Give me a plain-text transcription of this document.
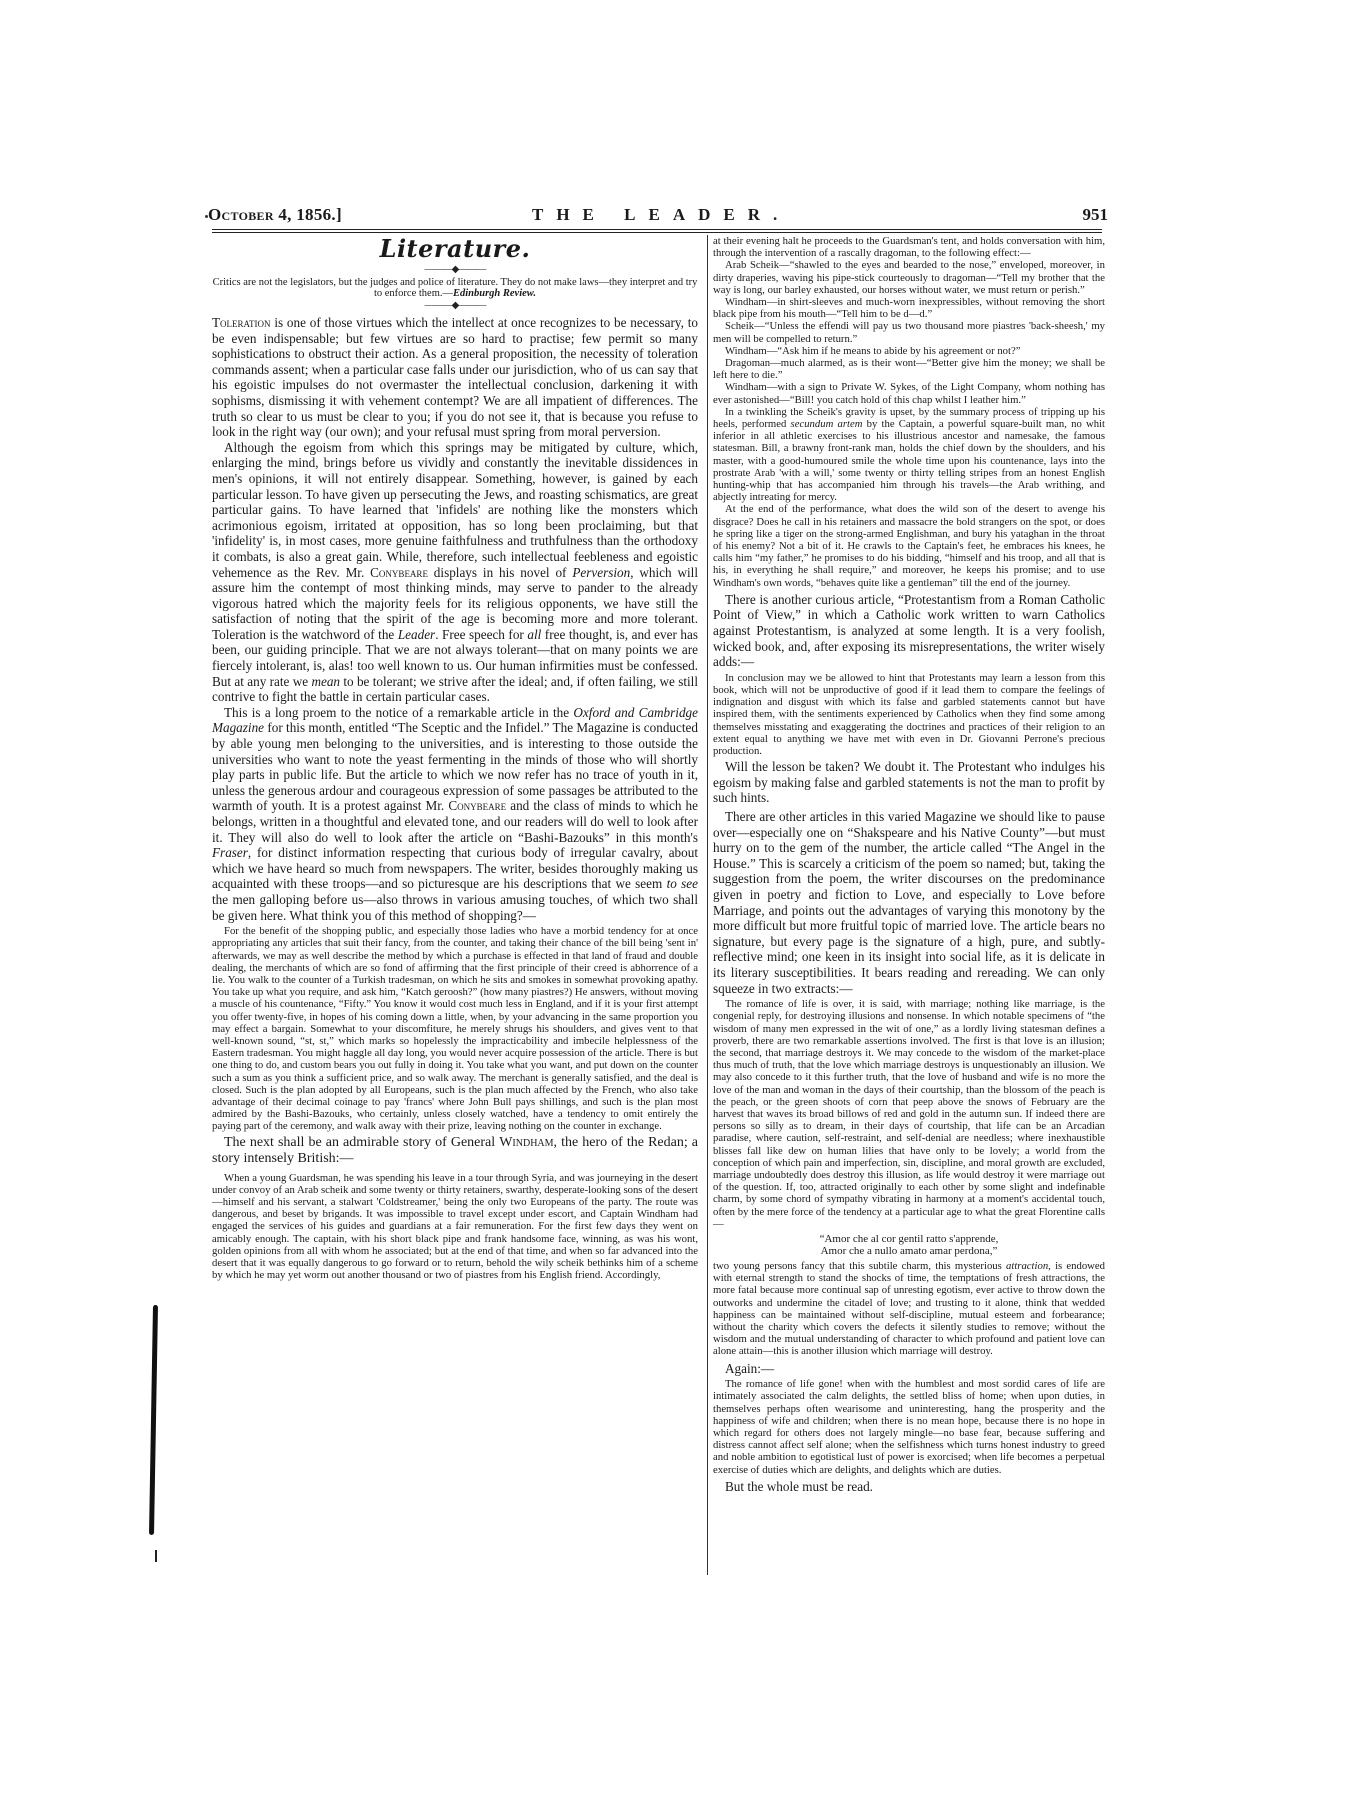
October 4, 1856.]	THE LEADER.	951
Literature.
———◆———
Critics are not the legislators, but the judges and police of literature. They do not make laws—they interpret and try to enforce them.—Edinburgh Review.
———◆———

Toleration is one of those virtues which the intellect at once recognizes to be necessary, to be even indispensable; but few virtues are so hard to practise; few permit so many sophistications to obstruct their action. As a general proposition, the necessity of toleration commands assent; when a particular case falls under our jurisdiction, who of us can say that his egoistic impulses do not overmaster the intellectual conclusion, darkening it with sophisms, dismissing it with vehement contempt? We are all impatient of differences. The truth so clear to us must be clear to you; if you do not see it, that is because you refuse to look in the right way (our own); and your refusal must spring from moral perversion.

Although the egoism from which this springs may be mitigated by culture, which, enlarging the mind, brings before us vividly and constantly the inevitable dissidences in men's opinions, it will not entirely disappear. Something, however, is gained by each particular lesson. To have given up persecuting the Jews, and roasting schismatics, are great particular gains. To have learned that 'infidels' are nothing like the monsters which acrimonious egoism, irritated at opposition, has so long been proclaiming, but that 'infidelity' is, in most cases, more genuine faithfulness and truthfulness than the orthodoxy it combats, is also a great gain. While, therefore, such intellectual feebleness and egoistic vehemence as the Rev. Mr. Conybeare displays in his novel of Perversion, which will assure him the contempt of most thinking minds, may serve to pander to the already vigorous hatred which the majority feels for its religious opponents, we have still the satisfaction of noting that the spirit of the age is becoming more and more tolerant. Toleration is the watchword of the Leader. Free speech for all free thought, is, and ever has been, our guiding principle. That we are not always tolerant—that on many points we are fiercely intolerant, is, alas! too well known to us. Our human infirmities must be confessed. But at any rate we mean to be tolerant; we strive after the ideal; and, if often failing, we still contrive to fight the battle in certain particular cases.

This is a long proem to the notice of a remarkable article in the Oxford and Cambridge Magazine for this month, entitled “The Sceptic and the Infidel.” The Magazine is conducted by able young men belonging to the universities, and is interesting to those outside the universities who want to note the yeast fermenting in the minds of those who will shortly play parts in public life. But the article to which we now refer has no trace of youth in it, unless the generous ardour and courageous expression of some passages be attributed to the warmth of youth. It is a protest against Mr. Conybeare and the class of minds to which he belongs, written in a thoughtful and elevated tone, and our readers will do well to look after it. They will also do well to look after the article on “Bashi-Bazouks” in this month's Fraser, for distinct information respecting that curious body of irregular cavalry, about which we have heard so much from newspapers. The writer, besides thoroughly making us acquainted with these troops—and so picturesque are his descriptions that we seem to see the men galloping before us—also throws in various amusing touches, of which two shall be given here. What think you of this method of shopping?—

For the benefit of the shopping public, and especially those ladies who have a morbid tendency for at once appropriating any articles that suit their fancy, from the counter, and taking their chance of the bill being 'sent in' afterwards, we may as well describe the method by which a purchase is effected in that land of fraud and double dealing, the merchants of which are so fond of affirming that the first principle of their creed is abhorrence of a lie. You walk to the counter of a Turkish tradesman, on which he sits and smokes in somewhat provoking apathy. You take up what you require, and ask him, “Katch geroosh?” (how many piastres?) He answers, without moving a muscle of his countenance, “Fifty.” You know it would cost much less in England, and if it is your first attempt you offer twenty-five, in hopes of his coming down a little, when, by your advancing in the same proportion you may effect a bargain. Somewhat to your discomfiture, he merely shrugs his shoulders, and gives vent to that well-known sound, “st, st,” which marks so hopelessly the impracticability and imbecile helplessness of the Eastern tradesman. You might haggle all day long, you would never acquire possession of the article. There is but one thing to do, and custom bears you out fully in doing it. You take what you want, and put down on the counter such a sum as you think a sufficient price, and so walk away. The merchant is generally satisfied, and the deal is closed. Such is the plan adopted by all Europeans, such is the plan much affected by the French, who also take advantage of their decimal coinage to pay 'francs' where John Bull pays shillings, and such is the plan most admired by the Bashi-Bazouks, who certainly, unless closely watched, have a tendency to omit entirely the paying part of the ceremony, and walk away with their prize, leaving nothing on the counter in exchange.

The next shall be an admirable story of General Windham, the hero of the Redan; a story intensely British:—

When a young Guardsman, he was spending his leave in a tour through Syria, and was journeying in the desert under convoy of an Arab scheik and some twenty or thirty retainers, swarthy, desperate-looking sons of the desert—himself and his servant, a stalwart 'Coldstreamer,' being the only two Europeans of the party. The route was dangerous, and beset by brigands. It was impossible to travel except under escort, and Captain Windham had engaged the services of his guides and guardians at a fair remuneration. For the first few days they went on amicably enough. The captain, with his short black pipe and frank handsome face, winning, as was his wont, golden opinions from all with whom he associated; but at the end of that time, and when so far advanced into the desert that it was equally dangerous to go forward or to return, behold the wily scheik bethinks him of a scheme by which he may yet worm out another thousand or two of piastres from his English friend. Accordingly,

at their evening halt he proceeds to the Guardsman's tent, and holds conversation with him, through the intervention of a rascally dragoman, to the following effect:—

Arab Scheik—“shawled to the eyes and bearded to the nose,” enveloped, moreover, in dirty draperies, waving his pipe-stick courteously to dragoman—“Tell my brother that the way is long, our barley exhausted, our horses without water, we must return or perish.”

Windham—in shirt-sleeves and much-worn inexpressibles, without removing the short black pipe from his mouth—“Tell him to be d—d.”

Scheik—“Unless the effendi will pay us two thousand more piastres 'back-sheesh,' my men will be compelled to return.”

Windham—“Ask him if he means to abide by his agreement or not?”

Dragoman—much alarmed, as is their wont—“Better give him the money; we shall be left here to die.”

Windham—with a sign to Private W. Sykes, of the Light Company, whom nothing has ever astonished—“Bill! you catch hold of this chap whilst I leather him.”

In a twinkling the Scheik's gravity is upset, by the summary process of tripping up his heels, performed secundum artem by the Captain, a powerful square-built man, no whit inferior in all athletic exercises to his illustrious ancestor and namesake, the famous statesman. Bill, a brawny front-rank man, holds the chief down by the shoulders, and his master, with a good-humoured smile the whole time upon his countenance, lays into the prostrate Arab 'with a will,' some twenty or thirty telling stripes from an honest English hunting-whip that has accompanied him through his travels—the Arab writhing, and abjectly intreating for mercy.

At the end of the performance, what does the wild son of the desert to avenge his disgrace? Does he call in his retainers and massacre the bold strangers on the spot, or does he spring like a tiger on the strong-armed Englishman, and bury his yataghan in the throat of his enemy? Not a bit of it. He crawls to the Captain's feet, he embraces his knees, he calls him “my father,” he promises to do his bidding, “himself and his troop, and all that is his, in everything he shall require,” and moreover, he keeps his promise; and to use Windham's own words, “behaves quite like a gentleman” till the end of the journey.

There is another curious article, “Protestantism from a Roman Catholic Point of View,” in which a Catholic work written to warn Catholics against Protestantism, is analyzed at some length. It is a very foolish, wicked book, and, after exposing its misrepresentations, the writer wisely adds:—

In conclusion may we be allowed to hint that Protestants may learn a lesson from this book, which will not be unproductive of good if it lead them to compare the feelings of indignation and disgust with which its false and garbled statements cannot but have inspired them, with the sentiments experienced by Catholics when they find some among themselves misstating and exaggerating the doctrines and practices of their religion to an extent equal to anything we have met with even in Dr. Giovanni Perrone's precious production.

Will the lesson be taken? We doubt it. The Protestant who indulges his egoism by making false and garbled statements is not the man to profit by such hints.

There are other articles in this varied Magazine we should like to pause over—especially one on “Shakspeare and his Native County”—but must hurry on to the gem of the number, the article called “The Angel in the House.” This is scarcely a criticism of the poem so named; but, taking the suggestion from the poem, the writer discourses on the predominance given in poetry and fiction to Love, and especially to Love before Marriage, and points out the advantages of varying this monotony by the more difficult but more fruitful topic of married love. The article bears no signature, but every page is the signature of a high, pure, and subtly-reflective mind; one keen in its insight into social life, as it is delicate in its literary susceptibilities. It bears reading and rereading. We can only squeeze in two extracts:—

The romance of life is over, it is said, with marriage; nothing like marriage, is the congenial reply, for destroying illusions and nonsense. In which notable specimens of “the wisdom of many men expressed in the wit of one,” as a lordly living statesman defines a proverb, there are two remarkable assertions involved. The first is that love is an illusion; the second, that marriage destroys it. We may concede to the wisdom of the market-place thus much of truth, that the love which marriage destroys is unquestionably an illusion. We may also concede to it this further truth, that the love of husband and wife is no more the love of the man and woman in the days of their courtship, than the blossom of the peach is the peach, or the green shoots of corn that peep above the snows of February are the harvest that waves its broad billows of red and gold in the autumn sun. If indeed there are persons so silly as to dream, in their days of courtship, that life can be an Arcadian paradise, where caution, self-restraint, and self-denial are needless; where inexhaustible blisses fall like dew on human lilies that have only to be lovely; a world from the conception of which pain and imperfection, sin, discipline, and moral growth are excluded, marriage undoubtedly does destroy this illusion, as life would destroy it were marriage out of the question. If, too, attracted originally to each other by some slight and indefinable charm, by some chord of sympathy vibrating in harmony at a moment's accidental touch, often by the mere force of the tendency at a particular age to what the great Florentine calls—

“Amor che al cor gentil ratto s'apprende,
Amor che a nullo amato amar perdona,”

two young persons fancy that this subtile charm, this mysterious attraction, is endowed with eternal strength to stand the shocks of time, the temptations of fresh attractions, the more fatal because more continual sap of unresting egotism, ever active to throw down the outworks and undermine the citadel of love; and trusting to it alone, think that wedded happiness can be maintained without self-discipline, mutual esteem and forbearance; without the charity which covers the defects it silently studies to remove; without the wisdom and the mutual understanding of character to which profound and patient love can alone attain—this is another illusion which marriage will destroy.

Again:—

The romance of life gone! when with the humblest and most sordid cares of life are intimately associated the calm delights, the settled bliss of home; when upon duties, in themselves perhaps often wearisome and uninteresting, hang the prosperity and the happiness of wife and children; when there is no mean hope, because there is no hope in which regard for others does not largely mingle—no base fear, because suffering and distress cannot affect self alone; when the selfishness which turns honest industry to greed and noble ambition to egotistical lust of power is exorcised; when life becomes a perpetual exercise of duties which are delights, and delights which are duties.

But the whole must be read.
